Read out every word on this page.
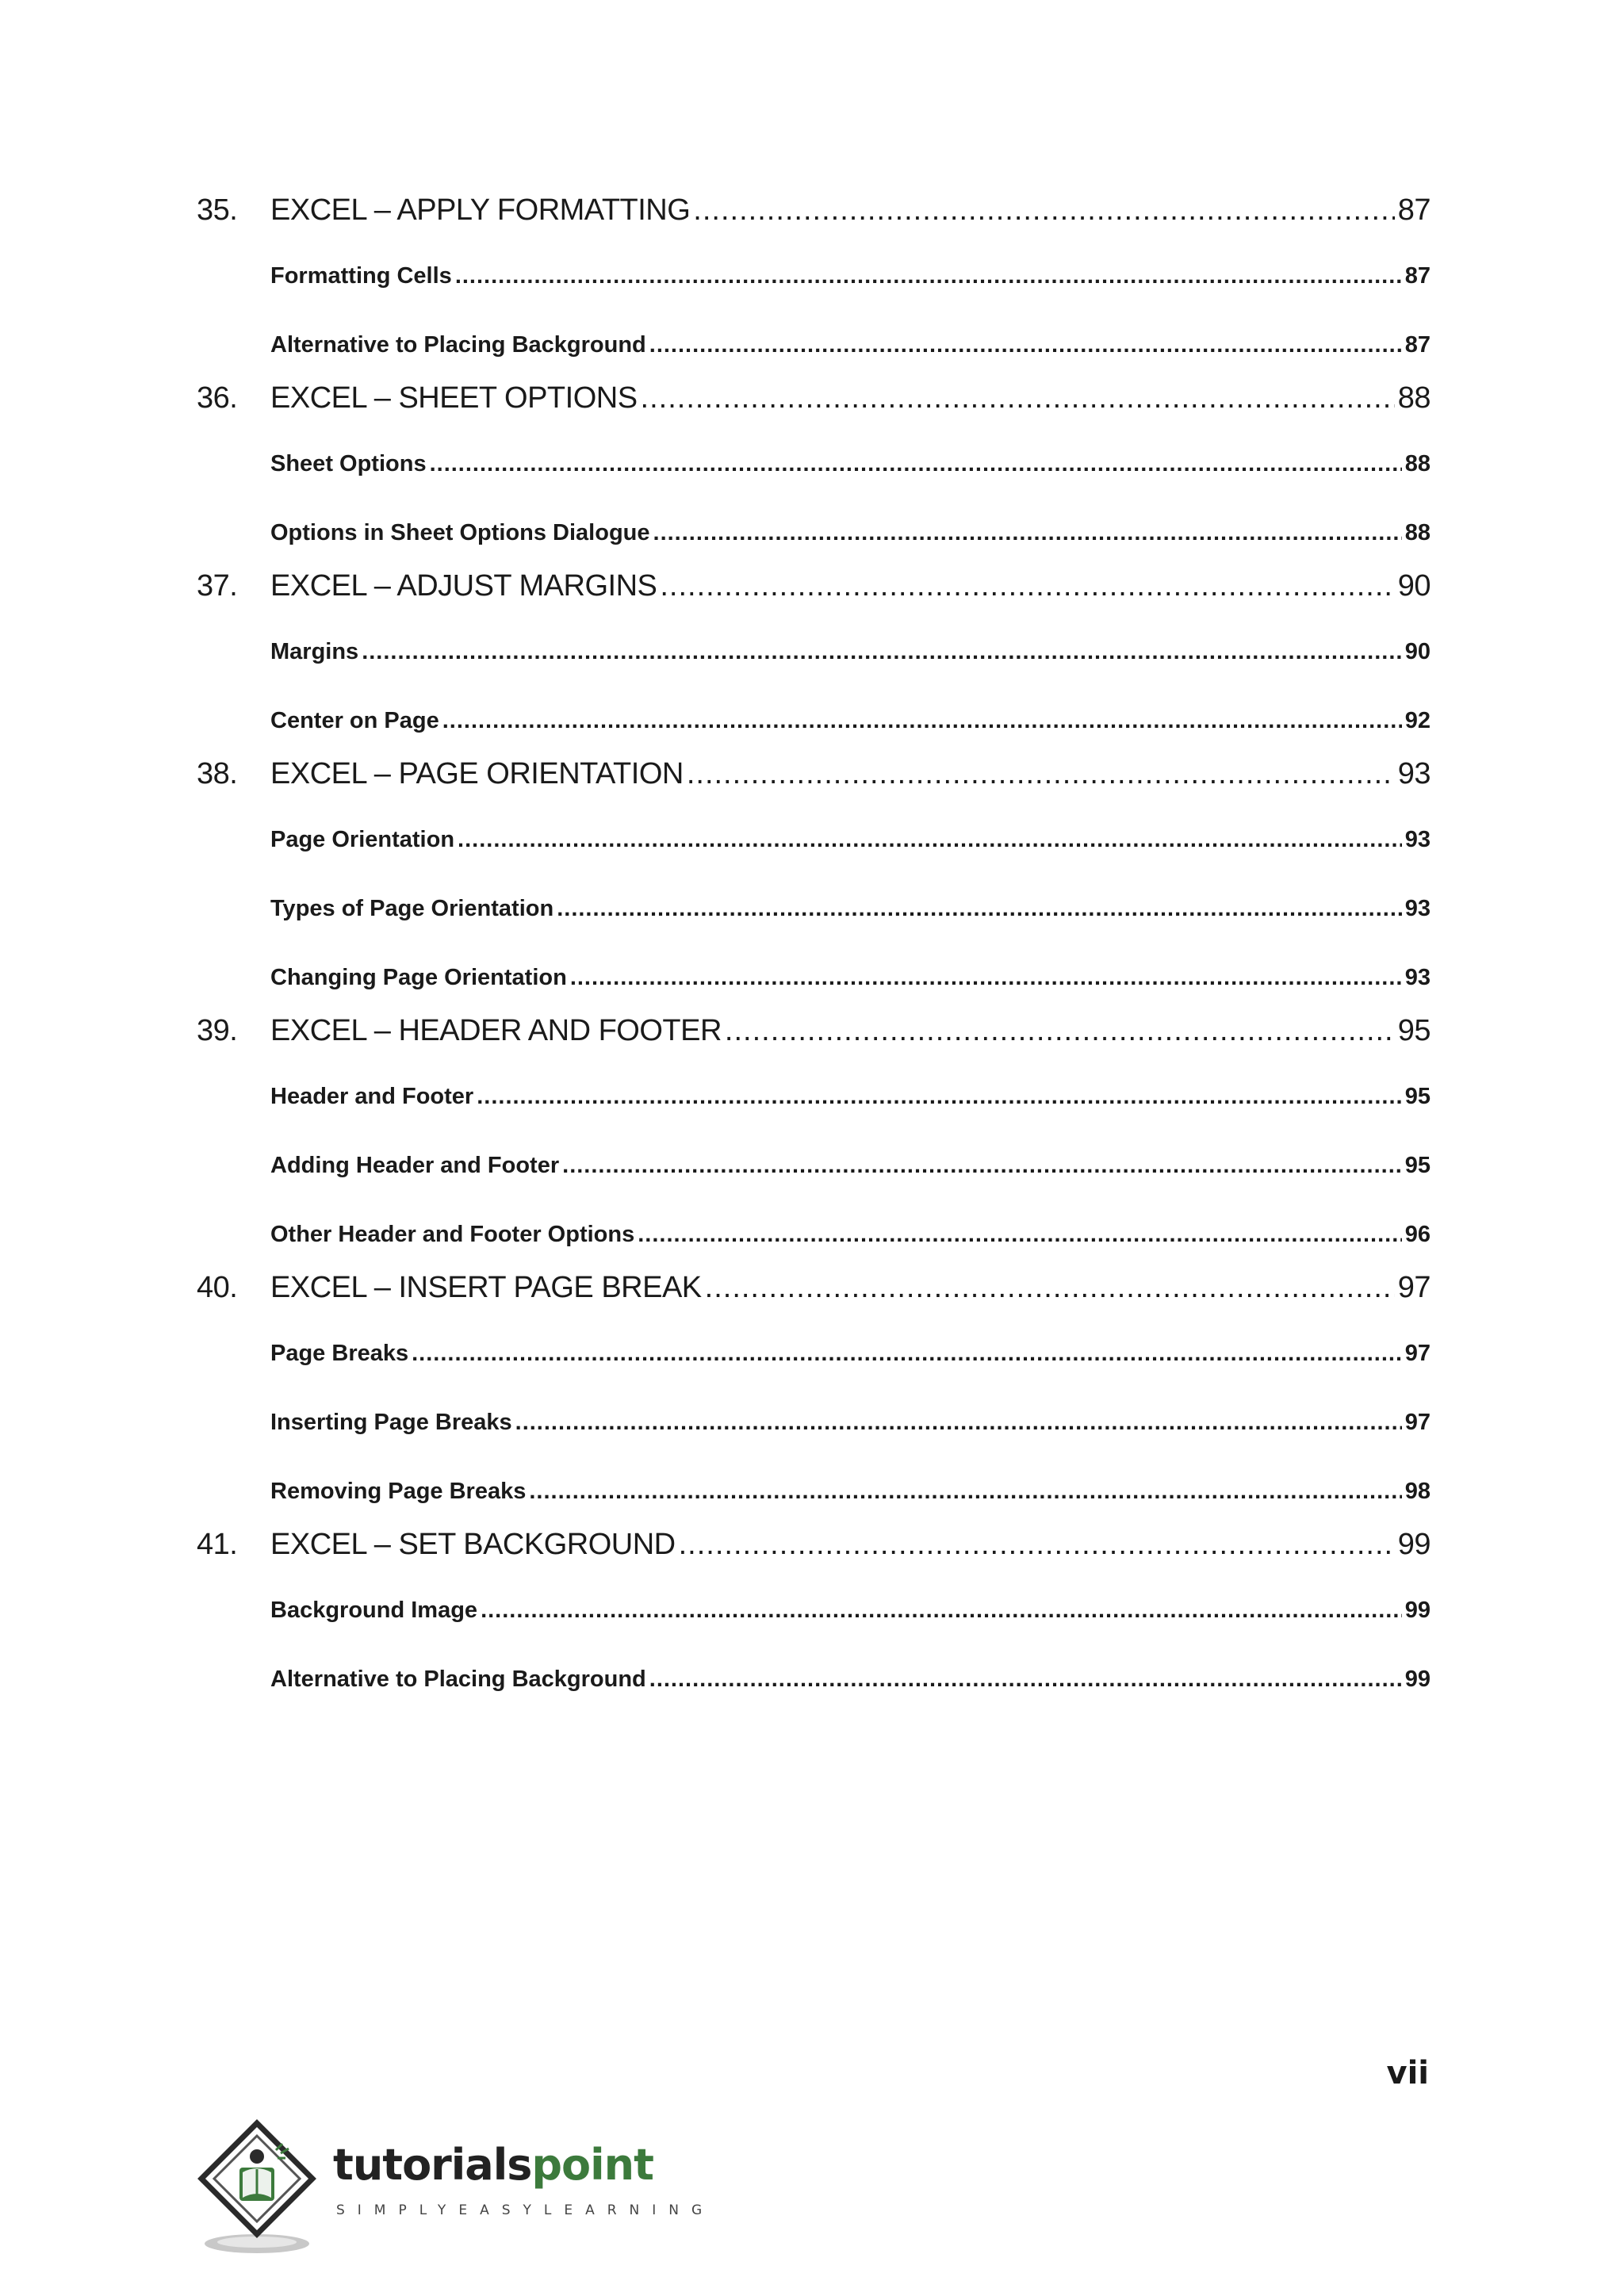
35.	EXCEL – APPLY FORMATTING .....	87
Formatting Cells .....	87
Alternative to Placing Background .....	87
36.	EXCEL – SHEET OPTIONS .....	88
Sheet Options .....	88
Options in Sheet Options Dialogue .....	88
37.	EXCEL – ADJUST MARGINS .....	90
Margins .....	90
Center on Page .....	92
38.	EXCEL – PAGE ORIENTATION .....	93
Page Orientation .....	93
Types of Page Orientation .....	93
Changing Page Orientation .....	93
39.	EXCEL – HEADER AND FOOTER .....	95
Header and Footer .....	95
Adding Header and Footer .....	95
Other Header and Footer Options .....	96
40.	EXCEL – INSERT PAGE BREAK .....	97
Page Breaks .....	97
Inserting Page Breaks .....	97
Removing Page Breaks .....	98
41.	EXCEL – SET BACKGROUND .....	99
Background Image .....	99
Alternative to Placing Background .....	99
vii
tutorialspoint
SIMPLYEASYLEARNING
